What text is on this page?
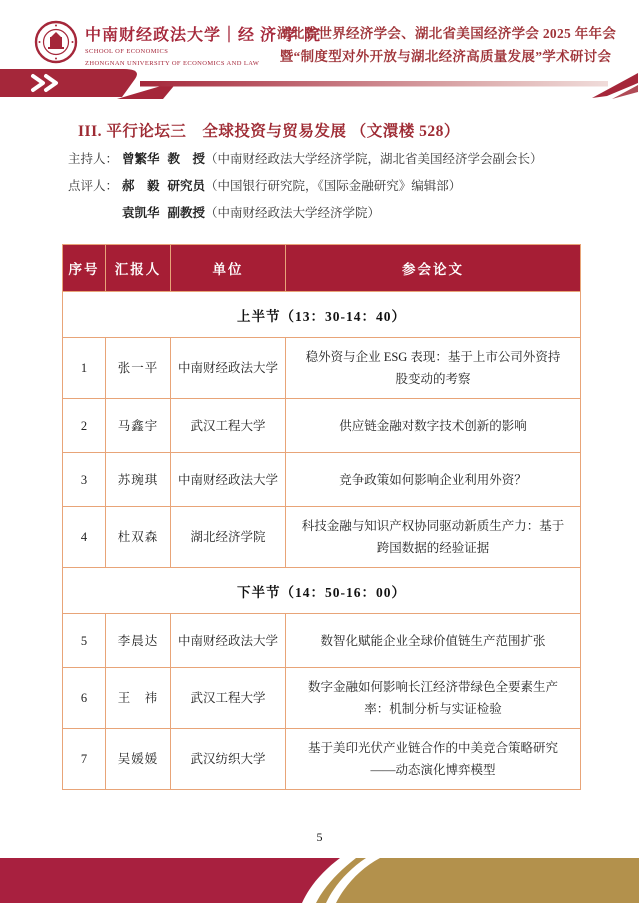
中南财经政法大学｜经 济 学 院
SCHOOL OF ECONOMICS
ZHONGNAN UNIVERSITY OF ECONOMICS AND LAW
湖北省世界经济学会、湖北省美国经济学会 2025 年年会
暨“制度型对外开放与湖北经济高质量发展”学术研讨会
III. 平行论坛三　全球投资与贸易发展 （文澴楼 528）
主持人： 曾繁华 教　授（中南财经政法大学经济学院，湖北省美国经济学会副会长）
点评人： 郝　毅 研究员（中国银行研究院，《国际金融研究》编辑部）
袁凯华 副教授（中南财经政法大学经济学院）
序号	汇报人	单位	参会论文
上半节（13：30-14：40）			
1	张一平	中南财经政法大学	稳外资与企业 ESG 表现：基于上市公司外资持股变动的考察
2	马鑫宇	武汉工程大学	供应链金融对数字技术创新的影响
3	苏琬琪	中南财经政法大学	竞争政策如何影响企业利用外资？
4	杜双森	湖北经济学院	科技金融与知识产权协同驱动新质生产力：基于跨国数据的经验证据
下半节（14：50-16：00）			
5	李晨达	中南财经政法大学	数智化赋能企业全球价值链生产范围扩张
6	王　祎	武汉工程大学	数字金融如何影响长江经济带绿色全要素生产率：机制分析与实证检验
7	吴媛媛	武汉纺织大学	基于美印光伏产业链合作的中美竞合策略研究——动态演化博弈模型
5
